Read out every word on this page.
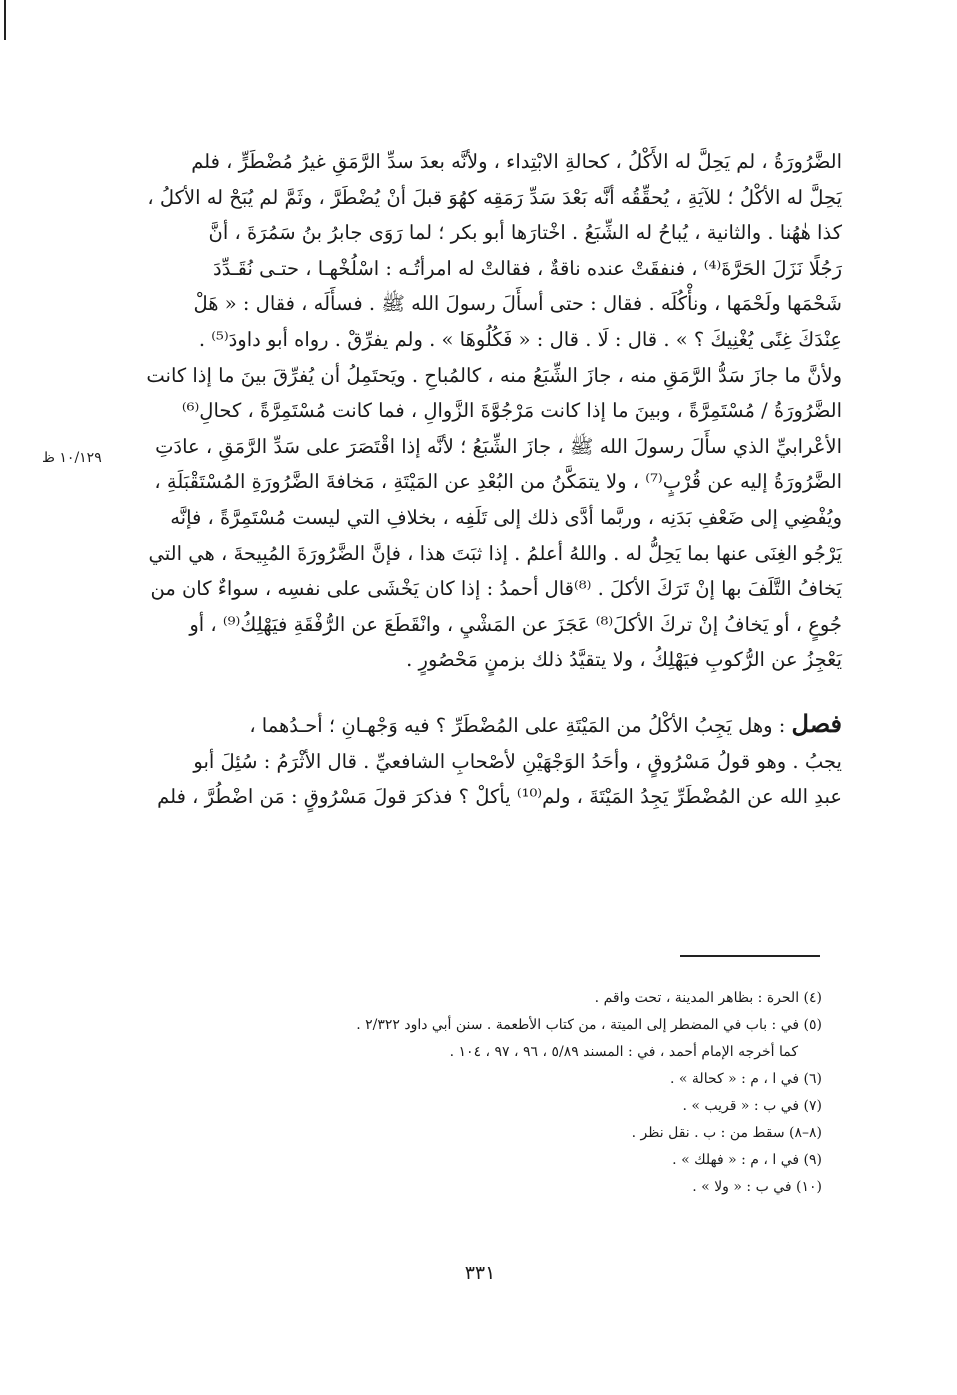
الضَّرُورَةُ ، لم يَحِلَّ له الأَكْلُ ، كحالةِ الابْتِداء ، ولأنَّه بعدَ سدِّ الرَّمَقِ غيرُ مُضْطَرٍّ ، فلم

يَحِلَّ له الأكْلُ ؛ للآيَةِ ، يُحقِّقُه أنَّه بَعْدَ سَدِّ رَمَقِه كهُوَ قبلَ أنْ يُضْطَرَّ ، وثَمَّ لم يُبَحْ له الأكلُ ،

كذا هٰهُنا . والثانية ، يُباحُ له الشِّبَعُ . اخْتارَها أبو بكر ؛ لما رَوَى جابرُ بنُ سَمُرَةَ ، أنَّ

رَجُلًا نَزَلَ الحَرَّةَ⁽⁴⁾ ، فنفقَتْ عنده ناقةٌ ، فقالتْ له امرأتُـه : اسْلُخْهـا ، حتـى نُقَـدِّدَ

شَحْمَها ولَحْمَها ، ونأْكُلَه . فقال : حتى أسأَلَ رسولَ الله ﷺ . فسأَلَه ، فقال : « هَلْ

عِنْدَكَ غِنًى يُغْنِيكَ ؟ » . قال : لَا . قال : « فَكُلُوهَا » . ولم يفرِّقْ . رواه أبو داودَ⁽⁵⁾ .

ولأنَّ ما جازَ سَدُّ الرَّمَقِ منه ، جازَ الشِّبَعُ منه ، كالمُباحِ . ويَحتَمِلُ أن يُفرِّقَ بينَ ما إذا كانت

الضَّرُورَةُ / مُسْتَمِرَّةً ، وبينَ ما إذا كانت مَرْجُوَّةَ الزَّوالِ ، فما كانت مُسْتَمِرَّةً ، كحالِ⁽⁶⁾

الأعْرابيِّ الذي سأَلَ رسولَ الله ﷺ ، جازَ الشِّبَعُ ؛ لأنَّه إذا اقْتَصَرَ على سَدِّ الرَّمَقِ ، عادَتِ

الضَّرُورَةُ إليه عن قُرْبٍ⁽⁷⁾ ، ولا يتمَكَّنُ من البُعْدِ عن المَيْتَةِ ، مَخافةَ الضَّرُورَةِ المُسْتَقْبَلَةِ ،

ويُفْضِي إلى ضَعْفِ بَدَنِه ، وربَّما أدَّى ذلك إلى تَلَفِه ، بخلافِ التي ليست مُسْتَمِرَّةً ، فإنَّه

يَرْجُو الغِنَى عنها بما يَحِلُّ له . واللهُ أعلمُ . إذا ثبَتَ هذا ، فإنَّ الضَّرُورَةَ المُبِيحةَ ، هي التي

يَخافُ التَّلَفَ بها إنْ تَرَكَ الأكلَ . ⁽⁸⁾قال أحمدُ : إذا كان يَخْشَى على نفسِه ، سواءٌ كان من

جُوعٍ ، أو يَخافُ إنْ تركَ الأكلَ⁽⁸⁾ عَجَزَ عن المَشْيِ ، وانْقَطَعَ عن الرُّفْقَةِ فيَهْلِكُ⁽⁹⁾ ، أو

يَعْجِزُ عن الرُّكوبِ فيَهْلِكُ ، ولا يتقيَّدُ ذلك بزمنٍ مَحْصُورٍ .

فصل : وهل يَجِبُ الأكْلُ من المَيْتَةِ على المُضْطَرِّ ؟ فيه وَجْهـانِ ؛ أحـدُهما ،

يجبُ . وهو قولُ مَسْرُوقٍ ، وأحَدُ الوَجْهَيْنِ لأصْحابِ الشافعيِّ . قال الأثْرَمُ : سُئِلَ أبو

عبدِ الله عن المُضْطَرِّ يَجِدُ المَيْتَةَ ، ولم⁽¹⁰⁾ يأكلْ ؟ فذكرَ قولَ مَسْرُوقٍ : مَن اضْطُرَّ ، فلم

١٠/١٢٩ ظ

(٤) الحرة : بظاهر المدينة ، تحت واقم .

(٥) في : باب في المضطر إلى الميتة ، من كتاب الأطعمة . سنن أبي داود ٢/٣٢٢ .

كما أخرجه الإمام أحمد ، في : المسند ٥/٨٩ ، ٩٦ ، ٩٧ ، ١٠٤ .

(٦) في ا ، م : « كحالة » .

(٧) في ب : « قريب » .

(٨–٨) سقط من : ب . نقل نظر .

(٩) في ا ، م : « فهلك » .

(١٠) في ب : « ولا » .

٣٣١
